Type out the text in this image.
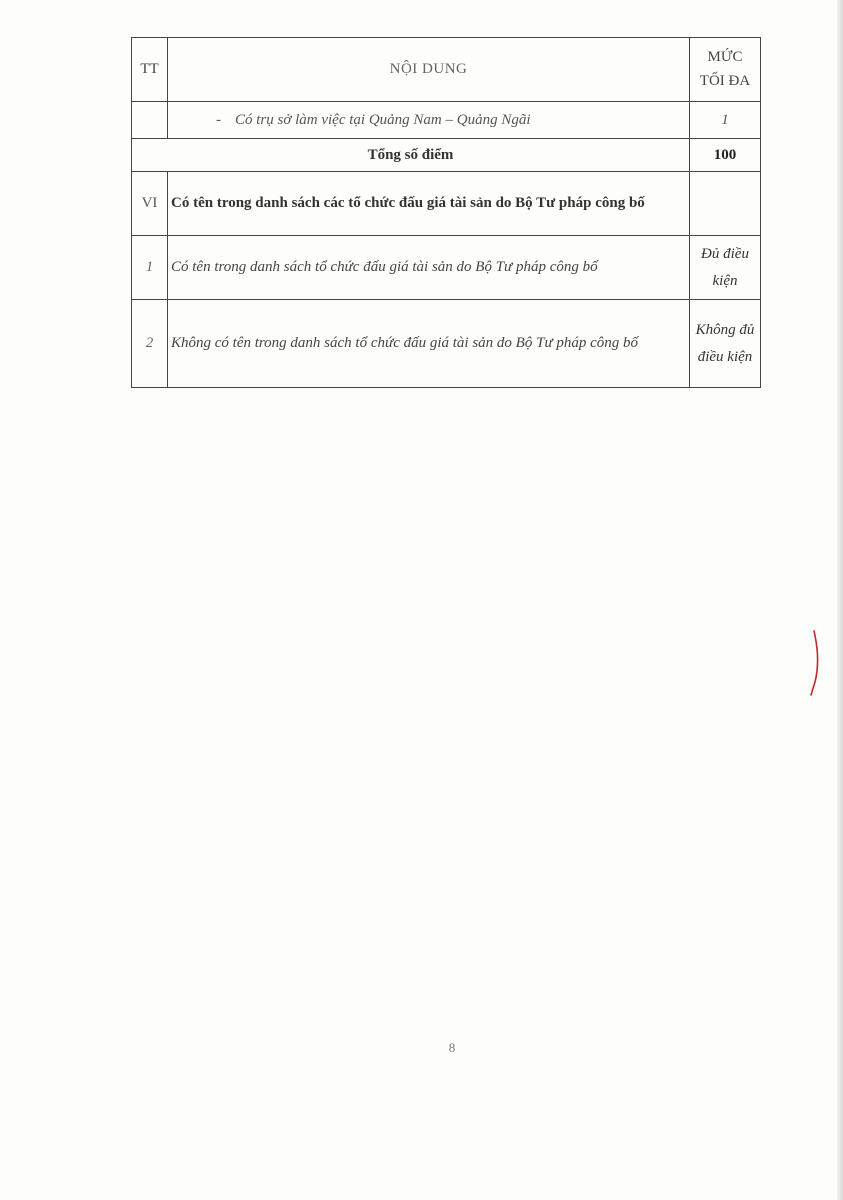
TT	NỘI DUNG	MỨC
TỐI ĐA
	- Có trụ sở làm việc tại Quảng Nam – Quảng Ngãi	1
Tổng số điểm		100
VI	Có tên trong danh sách các tổ chức đấu giá tài sản do Bộ Tư pháp công bố	
1	Có tên trong danh sách tổ chức đấu giá tài sản do Bộ Tư pháp công bố	Đủ điều kiện
2	Không có tên trong danh sách tổ chức đấu giá tài sản do Bộ Tư pháp công bố	Không đủ điều kiện
8
